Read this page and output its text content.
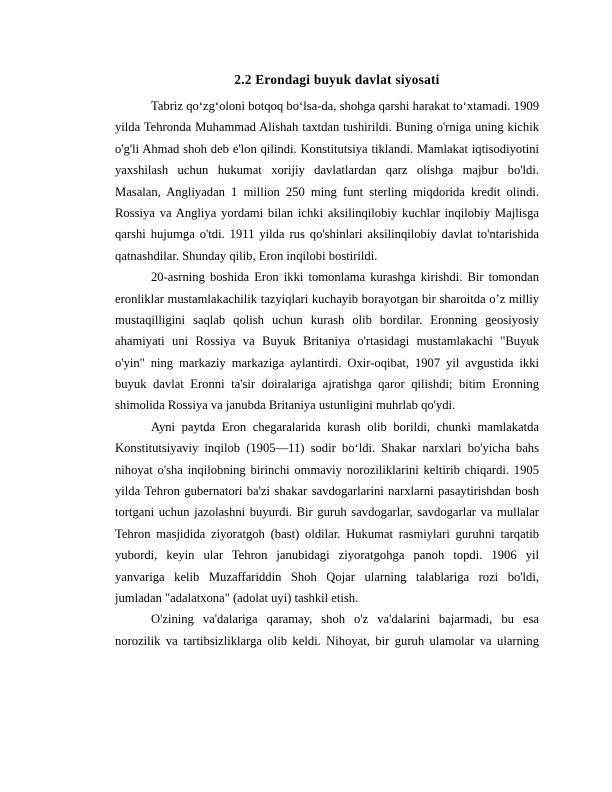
2.2 Erondagi buyuk davlat siyosati

Tabriz qoʻzgʻoloni botqoq boʻlsa-da, shohga qarshi harakat toʻxtamadi. 1909
yilda Tehronda Muhammad Alishah taxtdan tushirildi. Buning o'rniga uning kichik
o'g'li Ahmad shoh deb e'lon qilindi. Konstitutsiya tiklandi. Mamlakat iqtisodiyotini
yaxshilash uchun hukumat xorijiy davlatlardan qarz olishga majbur bo'ldi.
Masalan, Angliyadan 1 million 250 ming funt sterling miqdorida kredit olindi.
Rossiya va Angliya yordami bilan ichki aksilinqilobiy kuchlar inqilobiy Majlisga
qarshi hujumga o'tdi. 1911 yilda rus qo'shinlari aksilinqilobiy davlat to'ntarishida
qatnashdilar. Shunday qilib, Eron inqilobi bostirildi.

20-asrning boshida Eron ikki tomonlama kurashga kirishdi. Bir tomondan
eronliklar mustamlakachilik tazyiqlari kuchayib borayotgan bir sharoitda o’z milliy
mustaqilligini saqlab qolish uchun kurash olib bordilar. Eronning geosiyosiy
ahamiyati uni Rossiya va Buyuk Britaniya o'rtasidagi mustamlakachi "Buyuk
o'yin" ning markaziy markaziga aylantirdi. Oxir-oqibat, 1907 yil avgustida ikki
buyuk davlat Eronni ta'sir doiralariga ajratishga qaror qilishdi; bitim Eronning
shimolida Rossiya va janubda Britaniya ustunligini muhrlab qo'ydi.

Ayni paytda Eron chegaralarida kurash olib borildi, chunki mamlakatda
Konstitutsiyaviy inqilob (1905—11) sodir boʻldi. Shakar narxlari bo'yicha bahs
nihoyat o'sha inqilobning birinchi ommaviy noroziliklarini keltirib chiqardi. 1905
yilda Tehron gubernatori ba'zi shakar savdogarlarini narxlarni pasaytirishdan bosh
tortgani uchun jazolashni buyurdi. Bir guruh savdogarlar, savdogarlar va mullalar
Tehron masjidida ziyoratgoh (bast) oldilar. Hukumat rasmiylari guruhni tarqatib
yubordi, keyin ular Tehron janubidagi ziyoratgohga panoh topdi. 1906 yil
yanvariga kelib Muzaffariddin Shoh Qojar ularning talablariga rozi bo'ldi,
jumladan "adalatxona" (adolat uyi) tashkil etish.

O'zining va'dalariga qaramay, shoh o'z va'dalarini bajarmadi, bu esa
norozilik va tartibsizliklarga olib keldi. Nihoyat, bir guruh ulamolar va ularning
